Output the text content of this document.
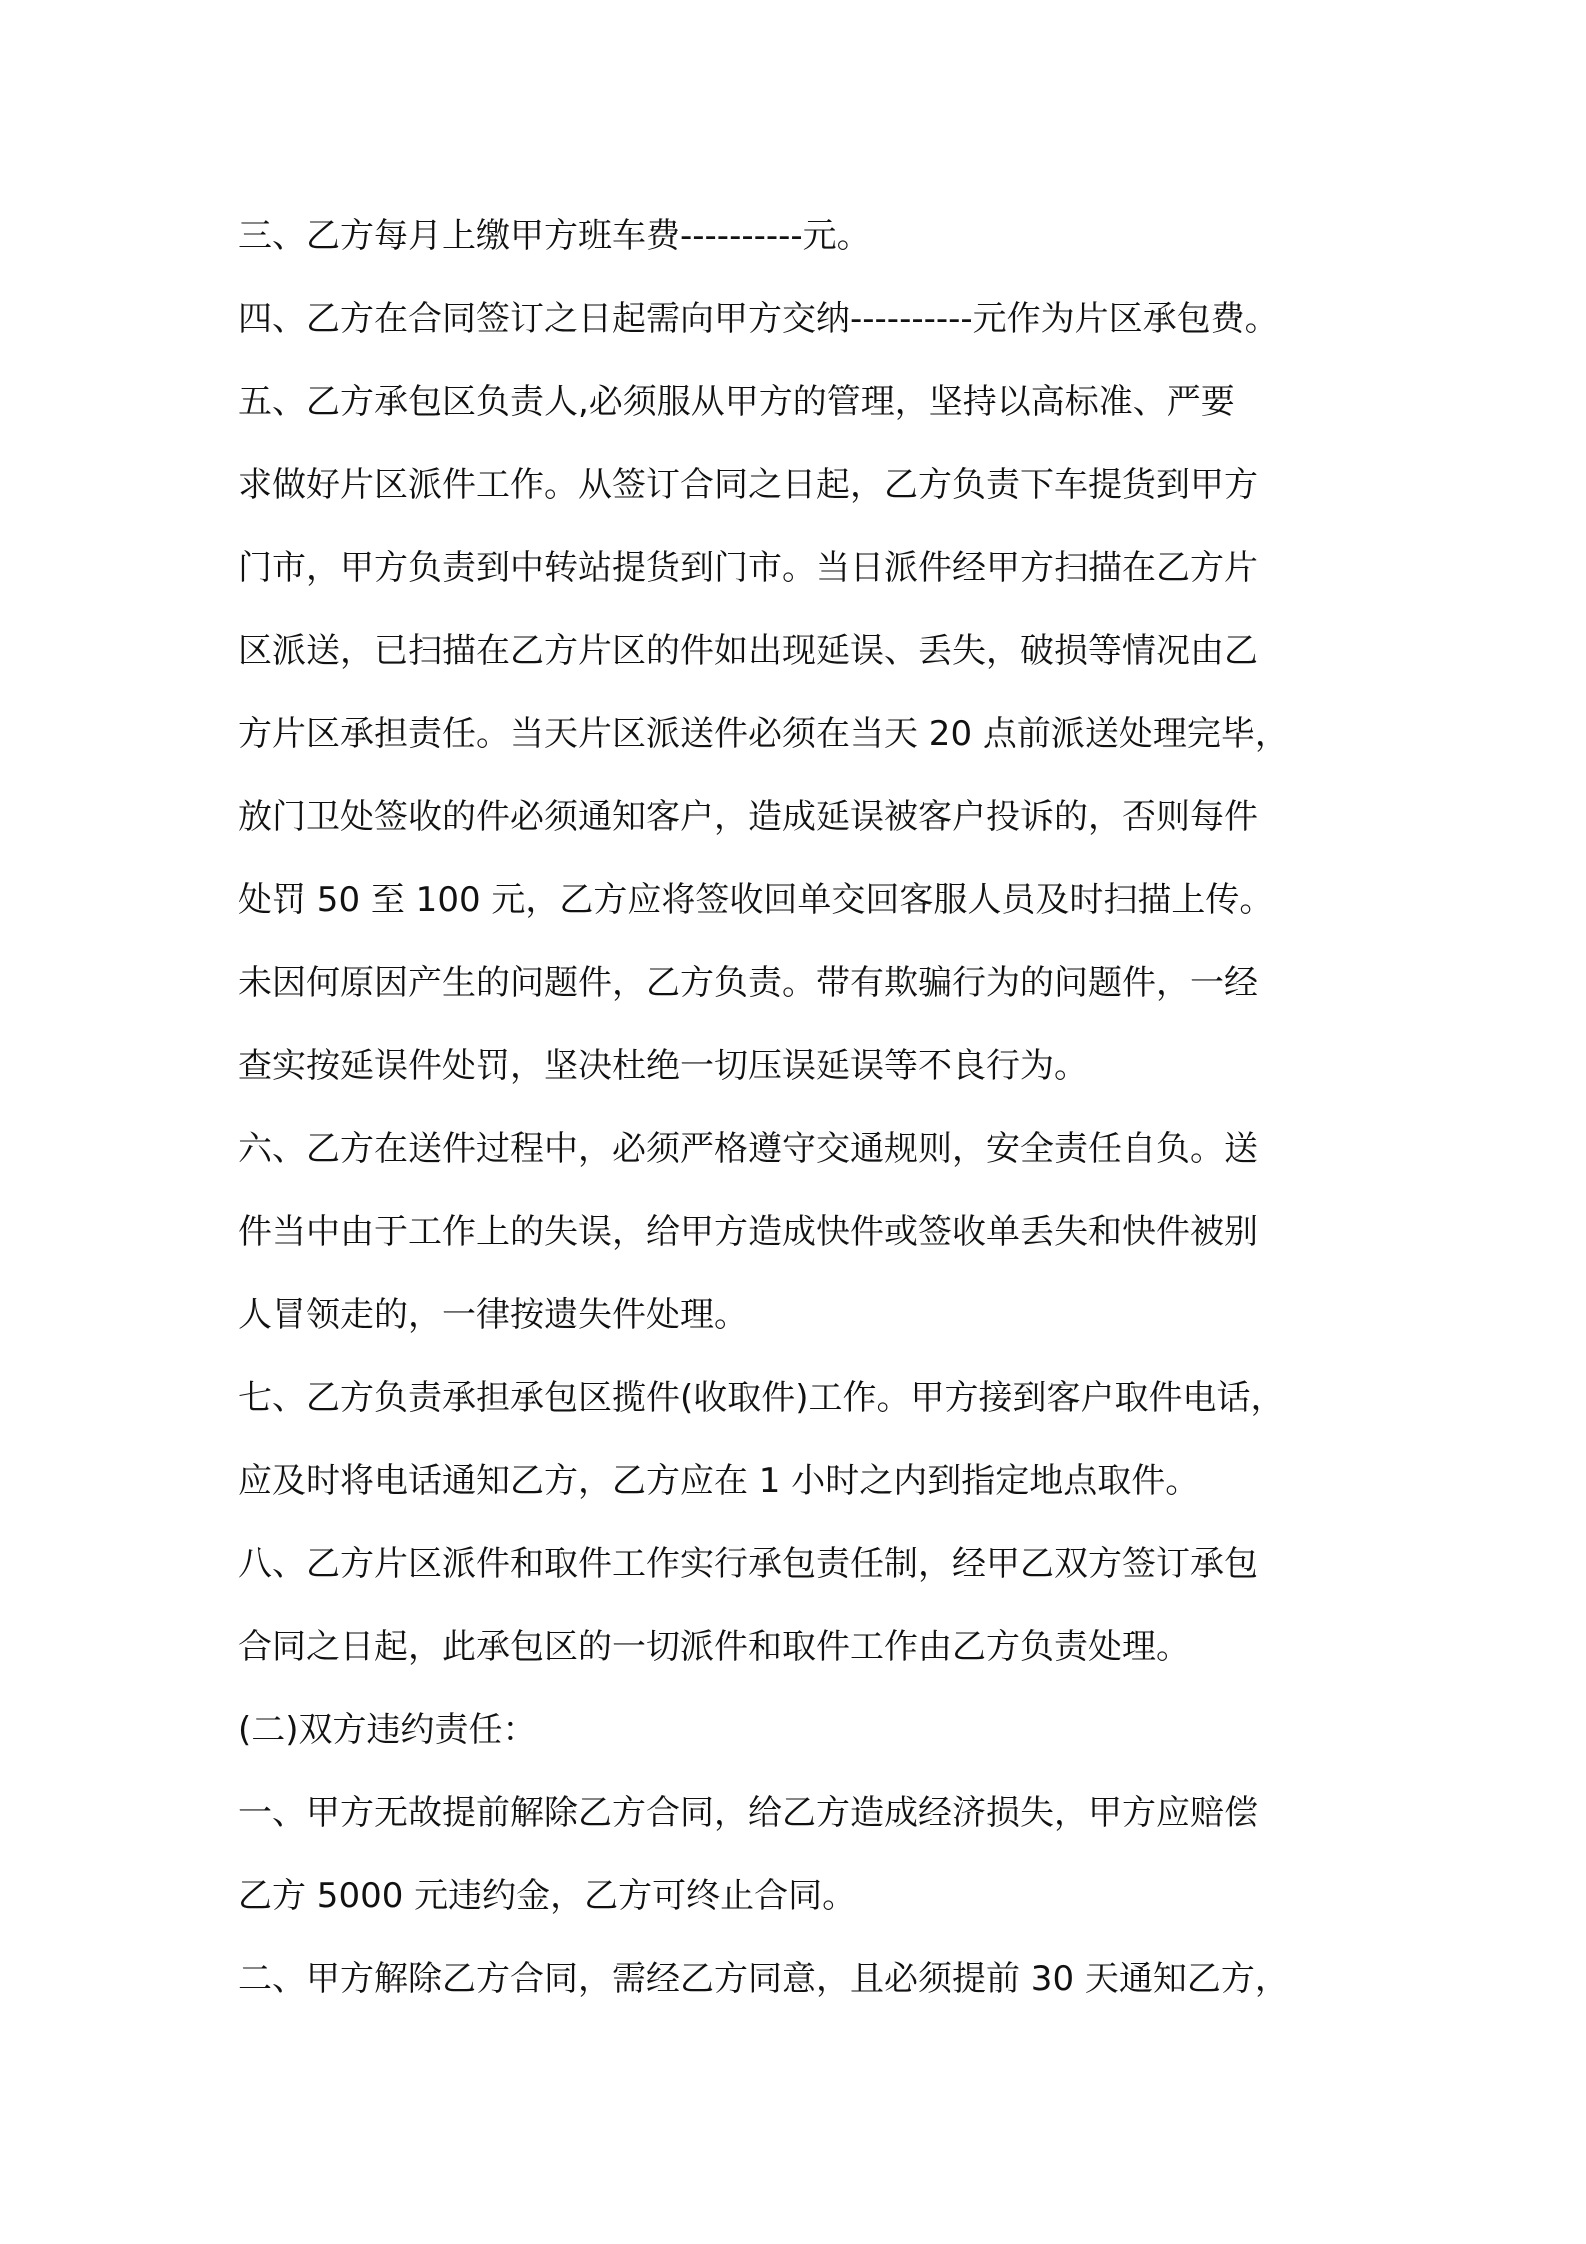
三、乙方每月上缴甲方班车费----------元。
四、乙方在合同签订之日起需向甲方交纳----------元作为片区承包费。
五、乙方承包区负责人,必须服从甲方的管理，坚持以高标准、严要
求做好片区派件工作。从签订合同之日起，乙方负责下车提货到甲方
门市，甲方负责到中转站提货到门市。当日派件经甲方扫描在乙方片
区派送，已扫描在乙方片区的件如出现延误、丢失，破损等情况由乙
方片区承担责任。当天片区派送件必须在当天 20 点前派送处理完毕，
放门卫处签收的件必须通知客户，造成延误被客户投诉的，否则每件
处罚 50 至 100 元，乙方应将签收回单交回客服人员及时扫描上传。
未因何原因产生的问题件，乙方负责。带有欺骗行为的问题件，一经
查实按延误件处罚，坚决杜绝一切压误延误等不良行为。
六、乙方在送件过程中，必须严格遵守交通规则，安全责任自负。送
件当中由于工作上的失误，给甲方造成快件或签收单丢失和快件被别
人冒领走的，一律按遗失件处理。
七、乙方负责承担承包区揽件(收取件)工作。甲方接到客户取件电话，
应及时将电话通知乙方，乙方应在 1 小时之内到指定地点取件。
八、乙方片区派件和取件工作实行承包责任制，经甲乙双方签订承包
合同之日起，此承包区的一切派件和取件工作由乙方负责处理。
(二)双方违约责任：
一、甲方无故提前解除乙方合同，给乙方造成经济损失，甲方应赔偿
乙方 5000 元违约金，乙方可终止合同。
二、甲方解除乙方合同，需经乙方同意，且必须提前 30 天通知乙方，
